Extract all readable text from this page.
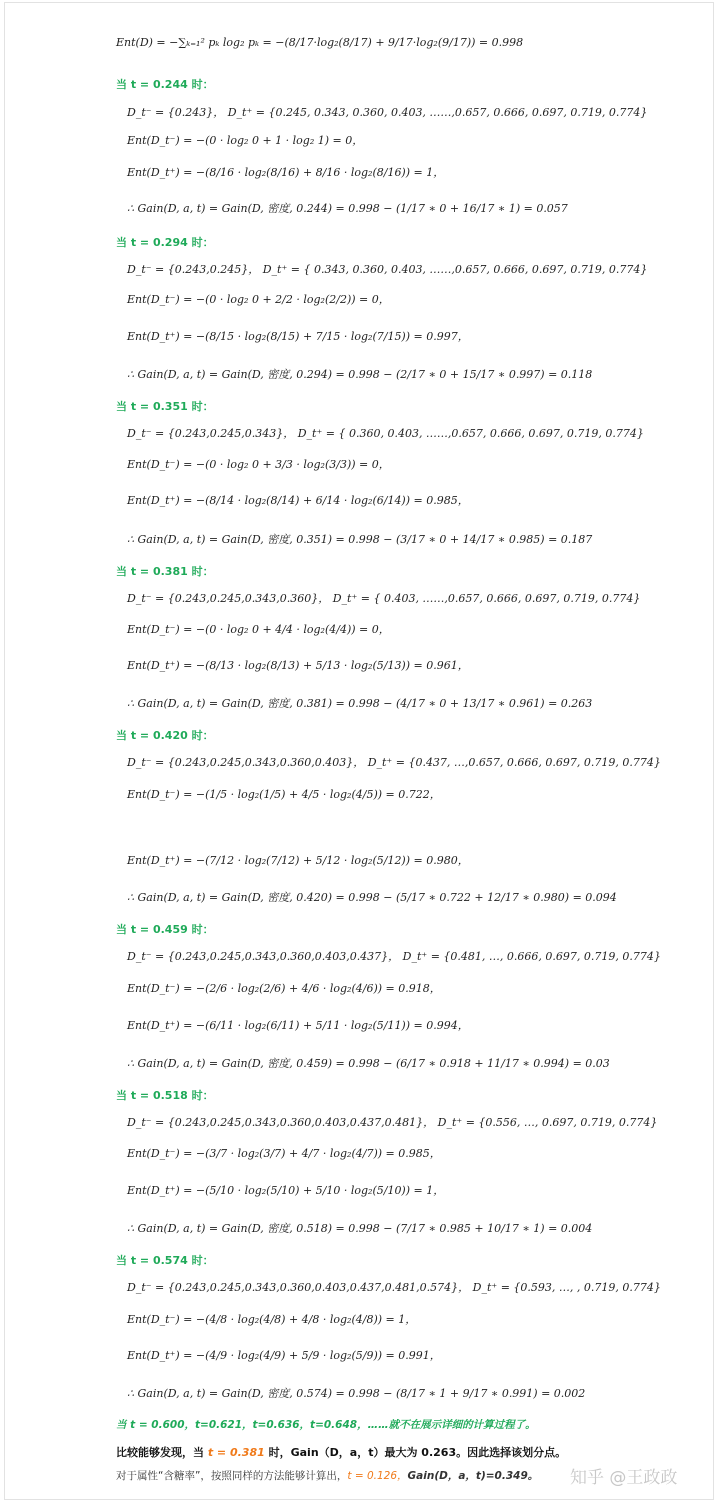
Ent(D) = −∑ₖ₌₁² pₖ log₂ pₖ = −(8/17·log₂(8/17) + 9/17·log₂(9/17)) = 0.998
当 t = 0.244 时：
D_t⁻ = {0.243}， D_t⁺ = {0.245, 0.343, 0.360, 0.403, ……,0.657, 0.666, 0.697, 0.719, 0.774}
Ent(D_t⁻) = −(0 · log₂ 0 + 1 · log₂ 1) = 0，
Ent(D_t⁺) = −(8/16 · log₂(8/16) + 8/16 · log₂(8/16)) = 1，
∴ Gain(D, a, t) = Gain(D, 密度, 0.244) = 0.998 − (1/17 ∗ 0 + 16/17 ∗ 1) = 0.057
当 t = 0.294 时：
D_t⁻ = {0.243,0.245}， D_t⁺ = { 0.343, 0.360, 0.403, ……,0.657, 0.666, 0.697, 0.719, 0.774}
Ent(D_t⁻) = −(0 · log₂ 0 + 2/2 · log₂(2/2)) = 0，
Ent(D_t⁺) = −(8/15 · log₂(8/15) + 7/15 · log₂(7/15)) = 0.997，
∴ Gain(D, a, t) = Gain(D, 密度, 0.294) = 0.998 − (2/17 ∗ 0 + 15/17 ∗ 0.997) = 0.118
当 t = 0.351 时：
D_t⁻ = {0.243,0.245,0.343}， D_t⁺ = { 0.360, 0.403, ……,0.657, 0.666, 0.697, 0.719, 0.774}
Ent(D_t⁻) = −(0 · log₂ 0 + 3/3 · log₂(3/3)) = 0，
Ent(D_t⁺) = −(8/14 · log₂(8/14) + 6/14 · log₂(6/14)) = 0.985，
∴ Gain(D, a, t) = Gain(D, 密度, 0.351) = 0.998 − (3/17 ∗ 0 + 14/17 ∗ 0.985) = 0.187
当 t = 0.381 时：
D_t⁻ = {0.243,0.245,0.343,0.360}， D_t⁺ = { 0.403, ……,0.657, 0.666, 0.697, 0.719, 0.774}
Ent(D_t⁻) = −(0 · log₂ 0 + 4/4 · log₂(4/4)) = 0，
Ent(D_t⁺) = −(8/13 · log₂(8/13) + 5/13 · log₂(5/13)) = 0.961，
∴ Gain(D, a, t) = Gain(D, 密度, 0.381) = 0.998 − (4/17 ∗ 0 + 13/17 ∗ 0.961) = 0.263
当 t = 0.420 时：
D_t⁻ = {0.243,0.245,0.343,0.360,0.403}， D_t⁺ = {0.437, …,0.657, 0.666, 0.697, 0.719, 0.774}
Ent(D_t⁻) = −(1/5 · log₂(1/5) + 4/5 · log₂(4/5)) = 0.722，
Ent(D_t⁺) = −(7/12 · log₂(7/12) + 5/12 · log₂(5/12)) = 0.980，
∴ Gain(D, a, t) = Gain(D, 密度, 0.420) = 0.998 − (5/17 ∗ 0.722 + 12/17 ∗ 0.980) = 0.094
当 t = 0.459 时：
D_t⁻ = {0.243,0.245,0.343,0.360,0.403,0.437}， D_t⁺ = {0.481, …, 0.666, 0.697, 0.719, 0.774}
Ent(D_t⁻) = −(2/6 · log₂(2/6) + 4/6 · log₂(4/6)) = 0.918，
Ent(D_t⁺) = −(6/11 · log₂(6/11) + 5/11 · log₂(5/11)) = 0.994，
∴ Gain(D, a, t) = Gain(D, 密度, 0.459) = 0.998 − (6/17 ∗ 0.918 + 11/17 ∗ 0.994) = 0.03
当 t = 0.518 时：
D_t⁻ = {0.243,0.245,0.343,0.360,0.403,0.437,0.481}， D_t⁺ = {0.556, …, 0.697, 0.719, 0.774}
Ent(D_t⁻) = −(3/7 · log₂(3/7) + 4/7 · log₂(4/7)) = 0.985，
Ent(D_t⁺) = −(5/10 · log₂(5/10) + 5/10 · log₂(5/10)) = 1，
∴ Gain(D, a, t) = Gain(D, 密度, 0.518) = 0.998 − (7/17 ∗ 0.985 + 10/17 ∗ 1) = 0.004
当 t = 0.574 时：
D_t⁻ = {0.243,0.245,0.343,0.360,0.403,0.437,0.481,0.574}， D_t⁺ = {0.593, …, , 0.719, 0.774}
Ent(D_t⁻) = −(4/8 · log₂(4/8) + 4/8 · log₂(4/8)) = 1，
Ent(D_t⁺) = −(4/9 · log₂(4/9) + 5/9 · log₂(5/9)) = 0.991，
∴ Gain(D, a, t) = Gain(D, 密度, 0.574) = 0.998 − (8/17 ∗ 1 + 9/17 ∗ 0.991) = 0.002
当 t = 0.600，t=0.621，t=0.636，t=0.648，……就不在展示详细的计算过程了。
比较能够发现，当 t = 0.381 时，Gain（D，a，t）最大为 0.263。因此选择该划分点。
对于属性“含糖率”，按照同样的方法能够计算出，t = 0.126，Gain(D，a，t)=0.349。 知乎 @王政政
